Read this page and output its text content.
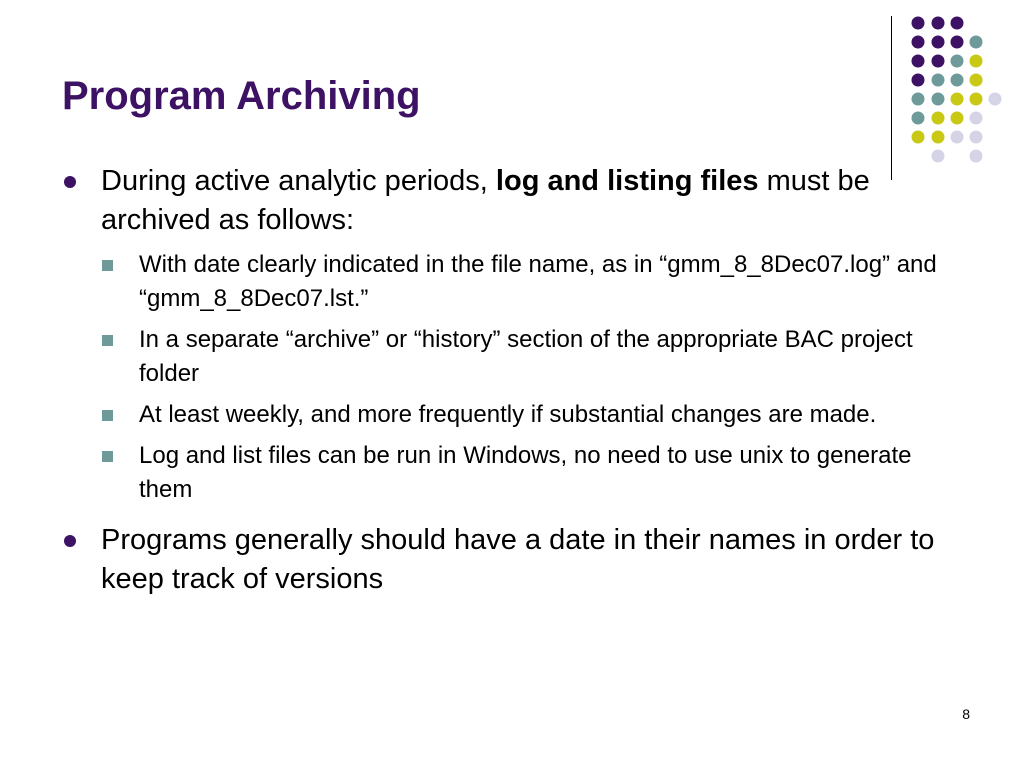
Program Archiving
During active analytic periods, log and listing files must be archived as follows:
With date clearly indicated in the file name, as in “gmm_8_8Dec07.log” and “gmm_8_8Dec07.lst.”
In a separate “archive” or “history” section of the appropriate BAC project folder
At least weekly, and more frequently if substantial changes are made.
Log and list files can be run in Windows, no need to use unix to generate them
Programs generally should have a date in their names in order to keep track of versions
8
